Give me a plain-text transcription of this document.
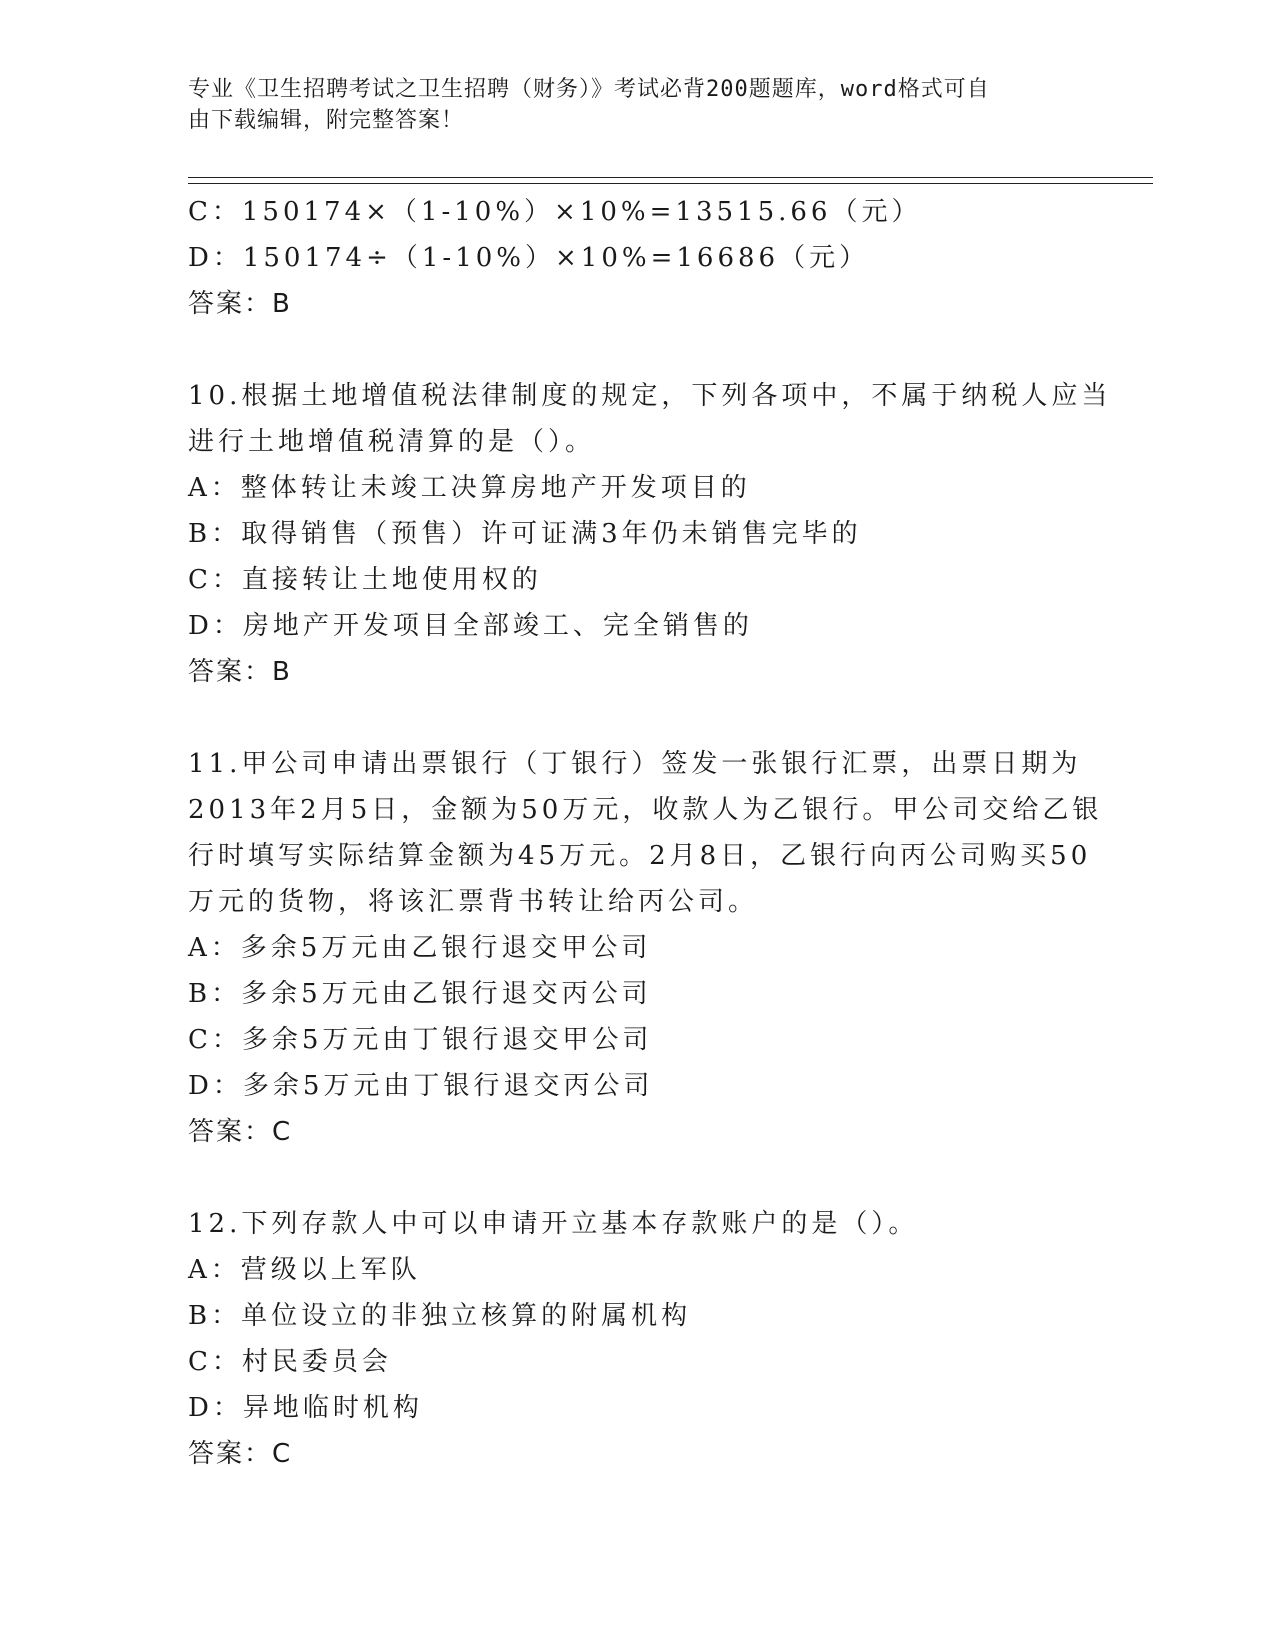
专业《卫生招聘考试之卫生招聘（财务）》考试必背200题题库，word格式可自
由下载编辑，附完整答案！
C：150174×（1-10%）×10%=13515.66（元）
D：150174÷（1-10%）×10%=16686（元）
答案：B
10.根据土地增值税法律制度的规定，下列各项中，不属于纳税人应当
进行土地增值税清算的是（）。
A：整体转让未竣工决算房地产开发项目的
B：取得销售（预售）许可证满3年仍未销售完毕的
C：直接转让土地使用权的
D：房地产开发项目全部竣工、完全销售的
答案：B
11.甲公司申请出票银行（丁银行）签发一张银行汇票，出票日期为
2013年2月5日，金额为50万元，收款人为乙银行。甲公司交给乙银
行时填写实际结算金额为45万元。2月8日，乙银行向丙公司购买50
万元的货物，将该汇票背书转让给丙公司。
A：多余5万元由乙银行退交甲公司
B：多余5万元由乙银行退交丙公司
C：多余5万元由丁银行退交甲公司
D：多余5万元由丁银行退交丙公司
答案：C
12.下列存款人中可以申请开立基本存款账户的是（）。
A：营级以上军队
B：单位设立的非独立核算的附属机构
C：村民委员会
D：异地临时机构
答案：C
